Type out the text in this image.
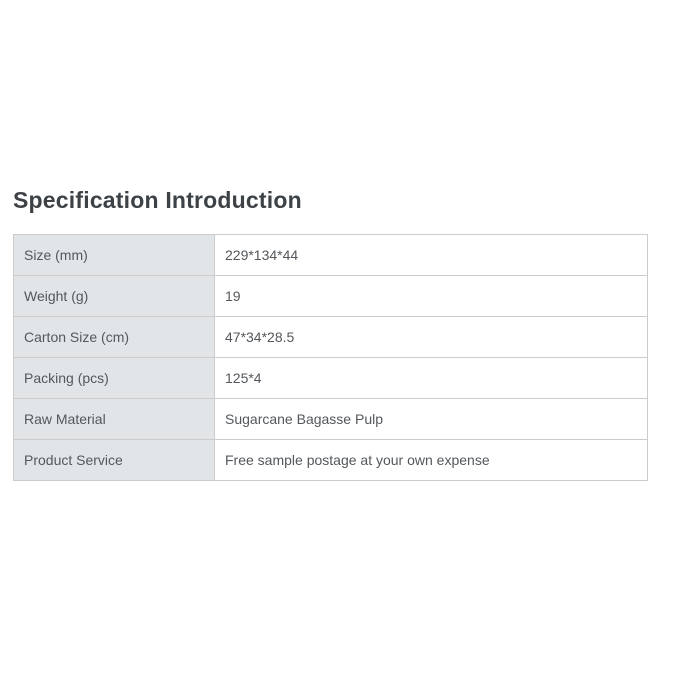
Specification Introduction
Size (mm)	229*134*44
Weight (g)	19
Carton Size (cm)	47*34*28.5
Packing (pcs)	125*4
Raw Material	Sugarcane Bagasse Pulp
Product Service	Free sample postage at your own expense
